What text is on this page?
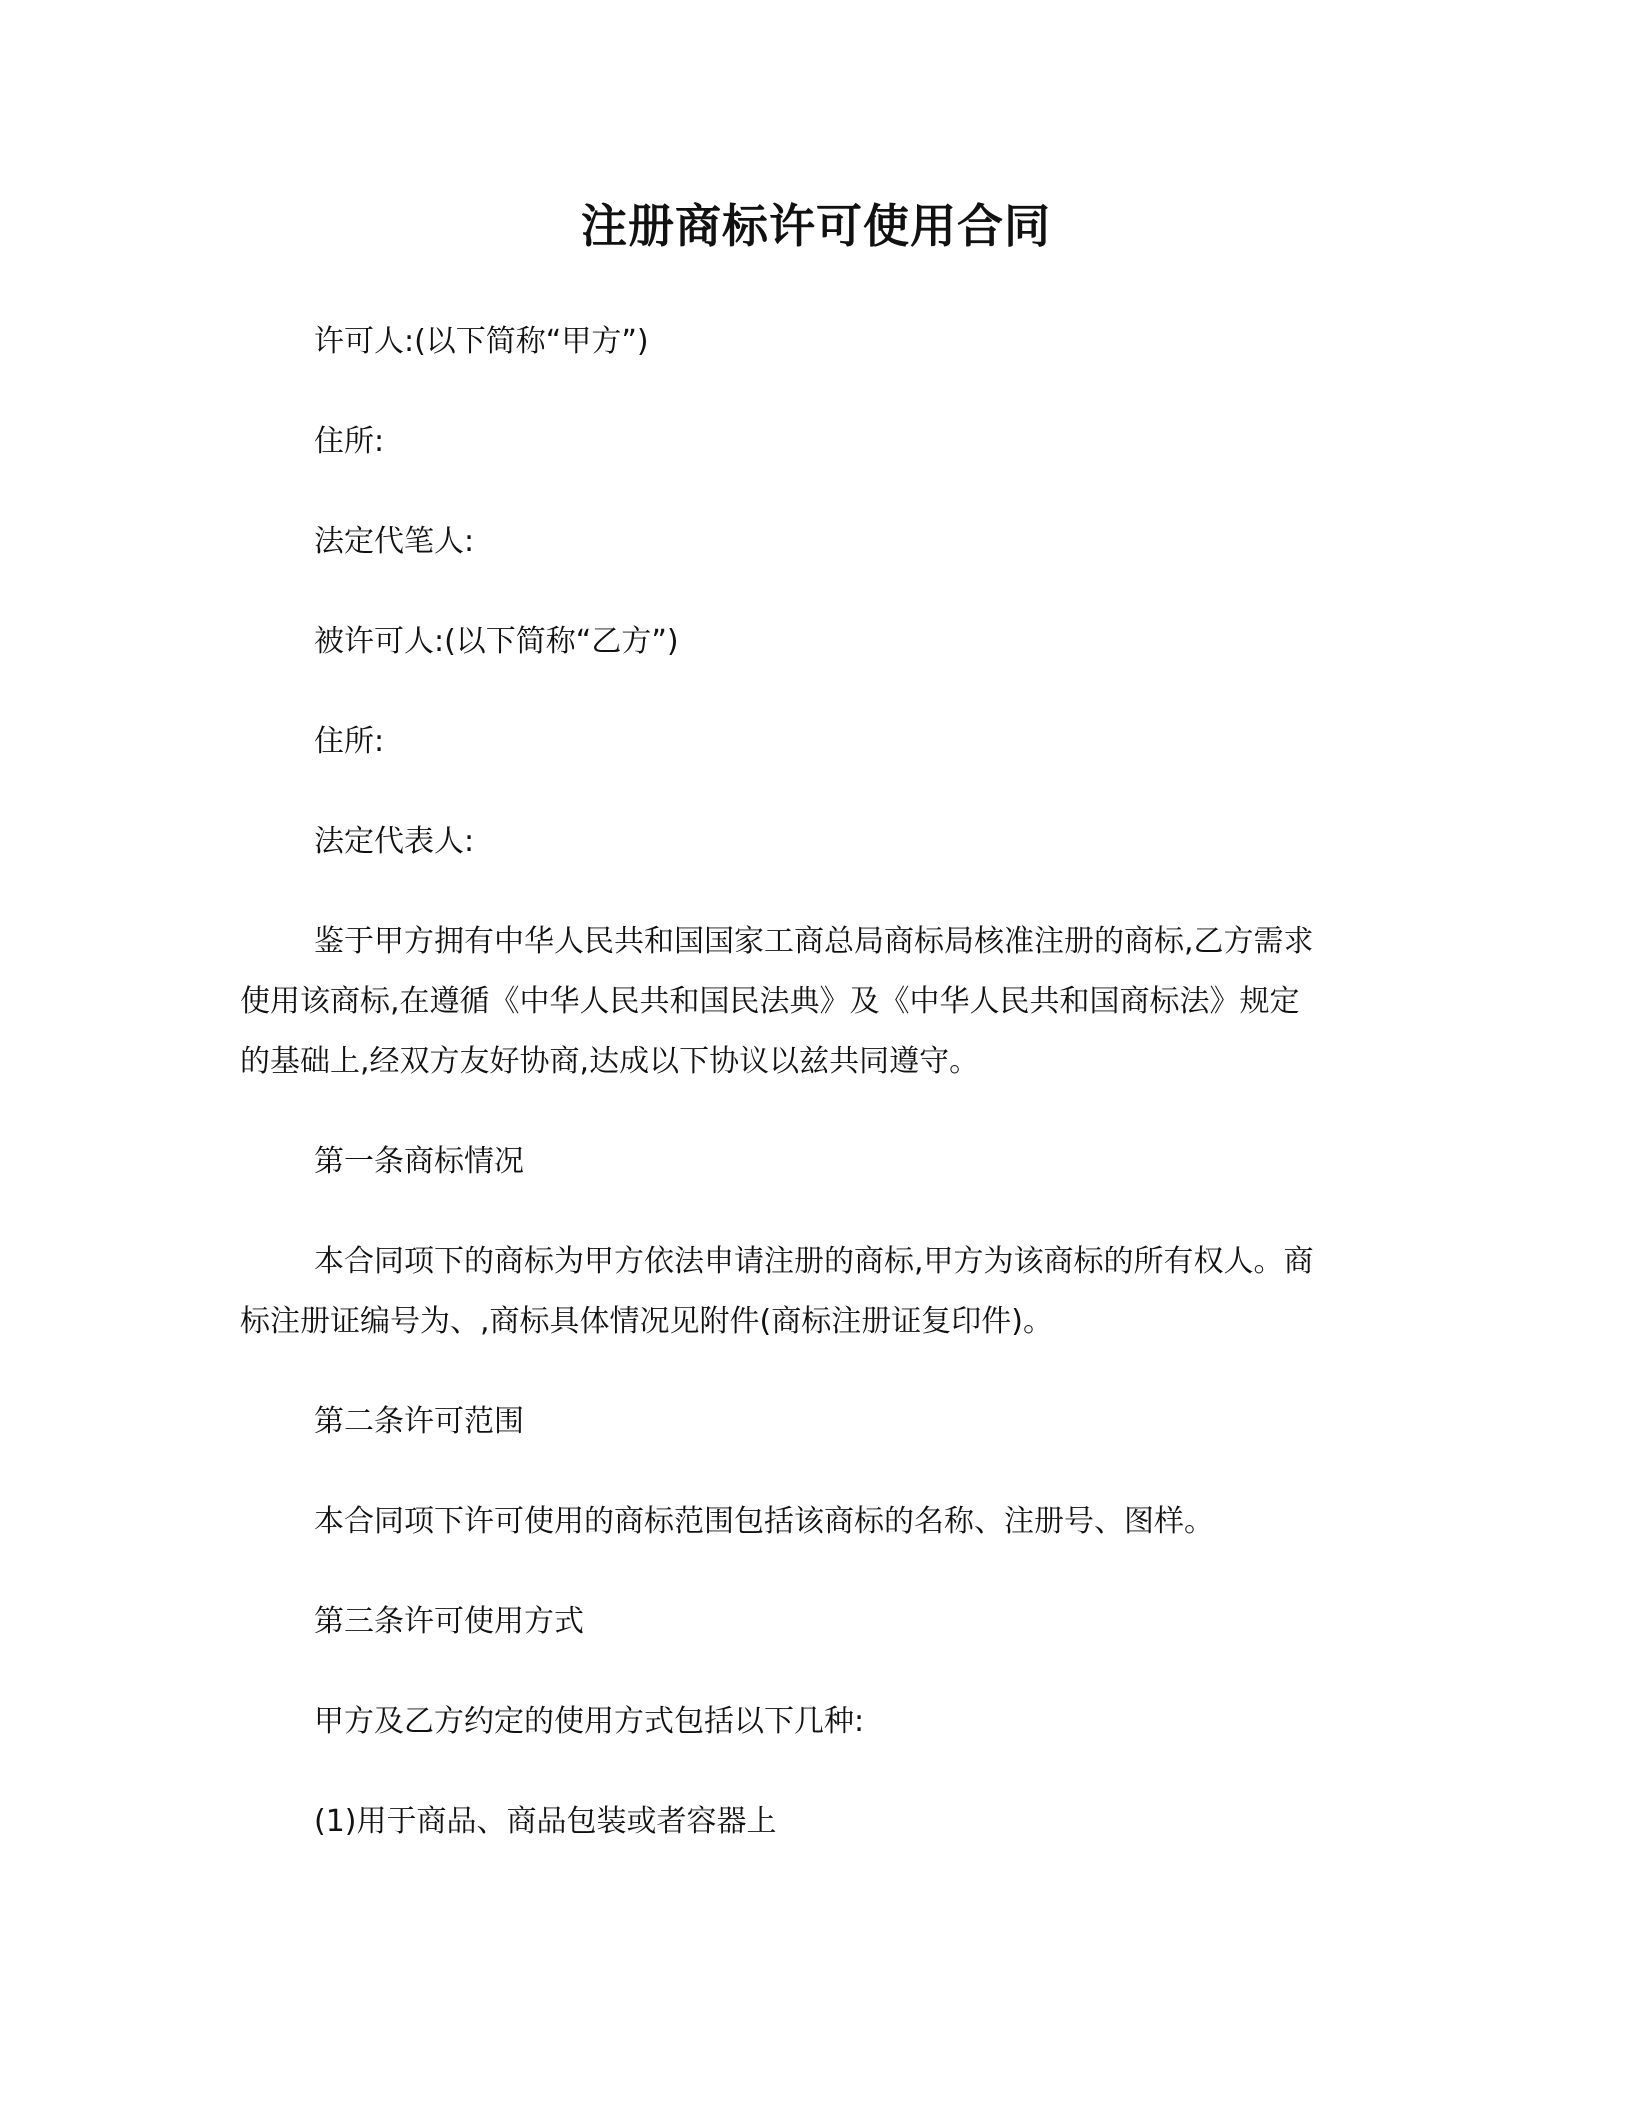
注册商标许可使用合同
许可人:(以下简称“甲方”)
住所:
法定代笔人:
被许可人:(以下简称“乙方”)
住所:
法定代表人:
鉴于甲方拥有中华人民共和国国家工商总局商标局核准注册的商标,乙方需求
使用该商标,在遵循《中华人民共和国民法典》及《中华人民共和国商标法》规定
的基础上,经双方友好协商,达成以下协议以兹共同遵守。
第一条商标情况
本合同项下的商标为甲方依法申请注册的商标,甲方为该商标的所有权人。商
标注册证编号为、,商标具体情况见附件(商标注册证复印件)。
第二条许可范围
本合同项下许可使用的商标范围包括该商标的名称、注册号、图样。
第三条许可使用方式
甲方及乙方约定的使用方式包括以下几种:
(1)用于商品、商品包装或者容器上
